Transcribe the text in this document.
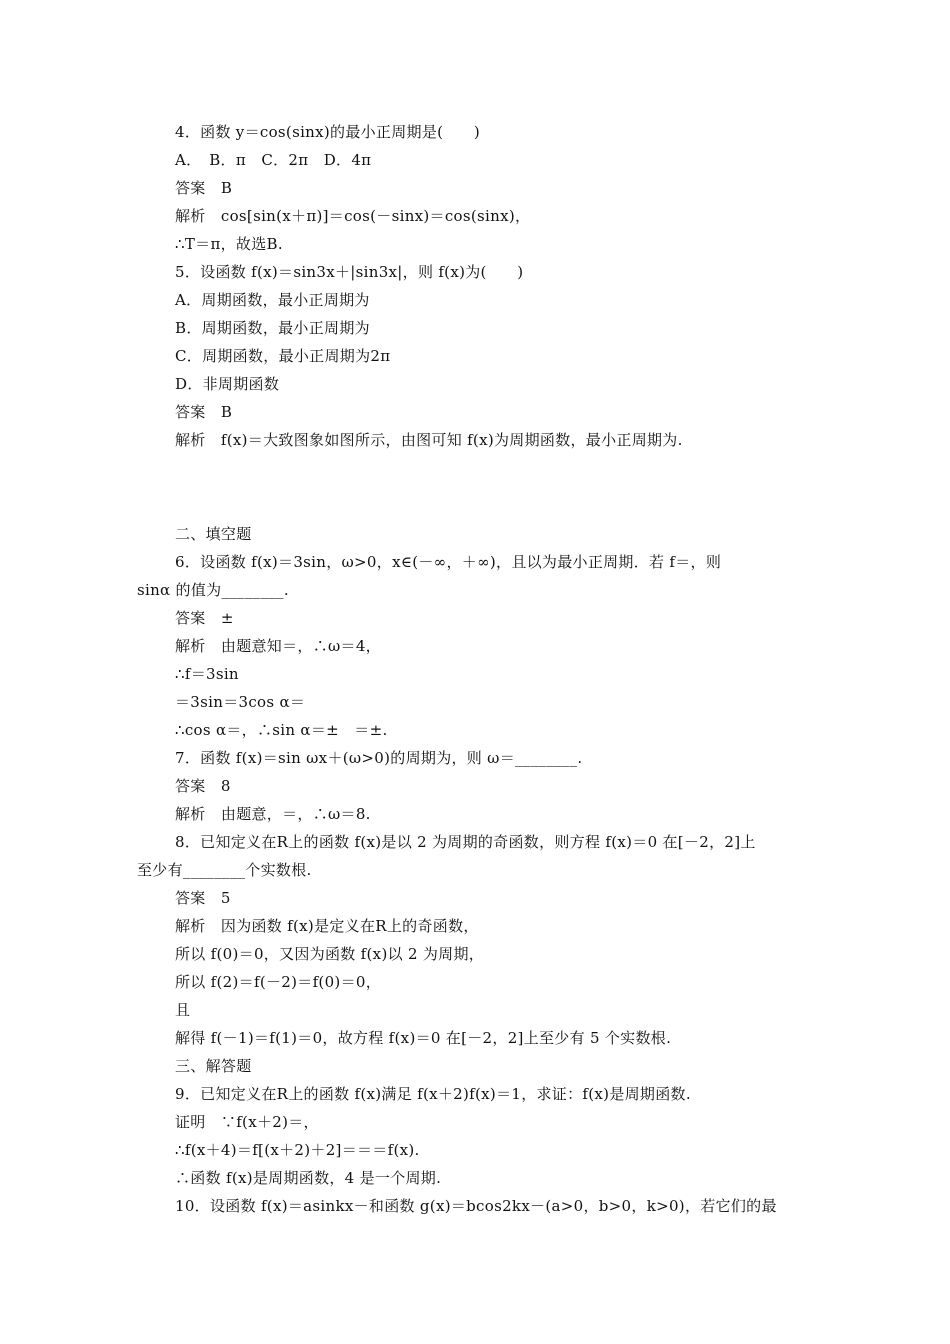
4．函数 y＝cos(sinx)的最小正周期是(　　)
A．　B．π　C．2π　D．4π
答案　B
解析　cos[sin(x＋π)]＝cos(－sinx)＝cos(sinx)，
∴T＝π，故选B.
5．设函数 f(x)＝sin3x＋|sin3x|，则 f(x)为(　　)
A．周期函数，最小正周期为
B．周期函数，最小正周期为
C．周期函数，最小正周期为2π
D．非周期函数
答案　B
解析　f(x)＝大致图象如图所示，由图可知 f(x)为周期函数，最小正周期为.
二、填空题
6．设函数 f(x)＝3sin，ω>0，x∈(－∞，＋∞)，且以为最小正周期．若 f＝，则
sinα 的值为________.
答案　±
解析　由题意知＝，∴ω＝4，
∴f＝3sin
＝3sin＝3cos α＝
∴cos α＝，∴sin α＝±　＝±.
7．函数 f(x)＝sin ωx＋(ω>0)的周期为，则 ω＝________.
答案　8
解析　由题意，＝，∴ω＝8.
8．已知定义在R上的函数 f(x)是以 2 为周期的奇函数，则方程 f(x)＝0 在[－2，2]上
至少有________个实数根.
答案　5
解析　因为函数 f(x)是定义在R上的奇函数，
所以 f(0)＝0，又因为函数 f(x)以 2 为周期，
所以 f(2)＝f(－2)＝f(0)＝0，
且
解得 f(－1)＝f(1)＝0，故方程 f(x)＝0 在[－2，2]上至少有 5 个实数根.
三、解答题
9．已知定义在R上的函数 f(x)满足 f(x＋2)f(x)＝1，求证：f(x)是周期函数.
证明　∵f(x＋2)＝，
∴f(x＋4)＝f[(x＋2)＋2]＝＝＝f(x).
∴函数 f(x)是周期函数，4 是一个周期.
10．设函数 f(x)＝asinkx－和函数 g(x)＝bcos2kx－(a>0，b>0，k>0)，若它们的最
